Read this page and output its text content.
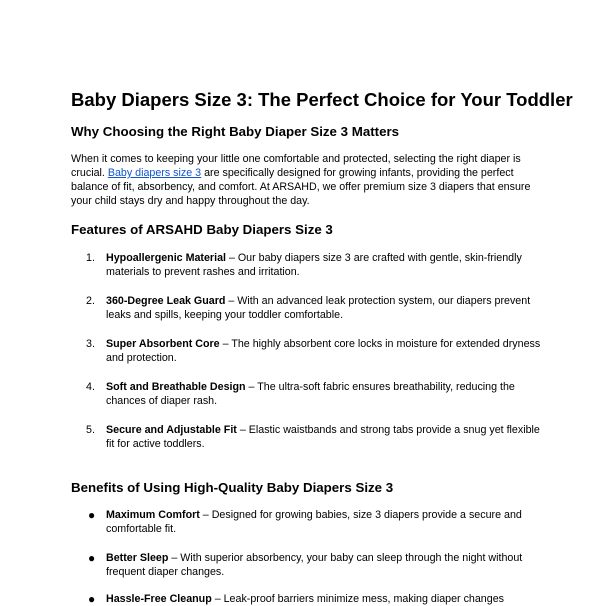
Baby Diapers Size 3: The Perfect Choice for Your Toddler
Why Choosing the Right Baby Diaper Size 3 Matters

When it comes to keeping your little one comfortable and protected, selecting the right diaper is crucial. Baby diapers size 3 are specifically designed for growing infants, providing the perfect balance of fit, absorbency, and comfort. At ARSAHD, we offer premium size 3 diapers that ensure your child stays dry and happy throughout the day.

Features of ARSAHD Baby Diapers Size 3
1.	Hypoallergenic Material – Our baby diapers size 3 are crafted with gentle, skin-friendly materials to prevent rashes and irritation.

2.	360-Degree Leak Guard – With an advanced leak protection system, our diapers prevent leaks and spills, keeping your toddler comfortable.

3.	Super Absorbent Core – The highly absorbent core locks in moisture for extended dryness and protection.

4.	Soft and Breathable Design – The ultra-soft fabric ensures breathability, reducing the chances of diaper rash.

5.	Secure and Adjustable Fit – Elastic waistbands and strong tabs provide a snug yet flexible fit for active toddlers.

Benefits of Using High-Quality Baby Diapers Size 3
● Maximum Comfort – Designed for growing babies, size 3 diapers provide a secure and comfortable fit.

● Better Sleep – With superior absorbency, your baby can sleep through the night without frequent diaper changes.

● Hassle-Free Cleanup – Leak-proof barriers minimize mess, making diaper changes
